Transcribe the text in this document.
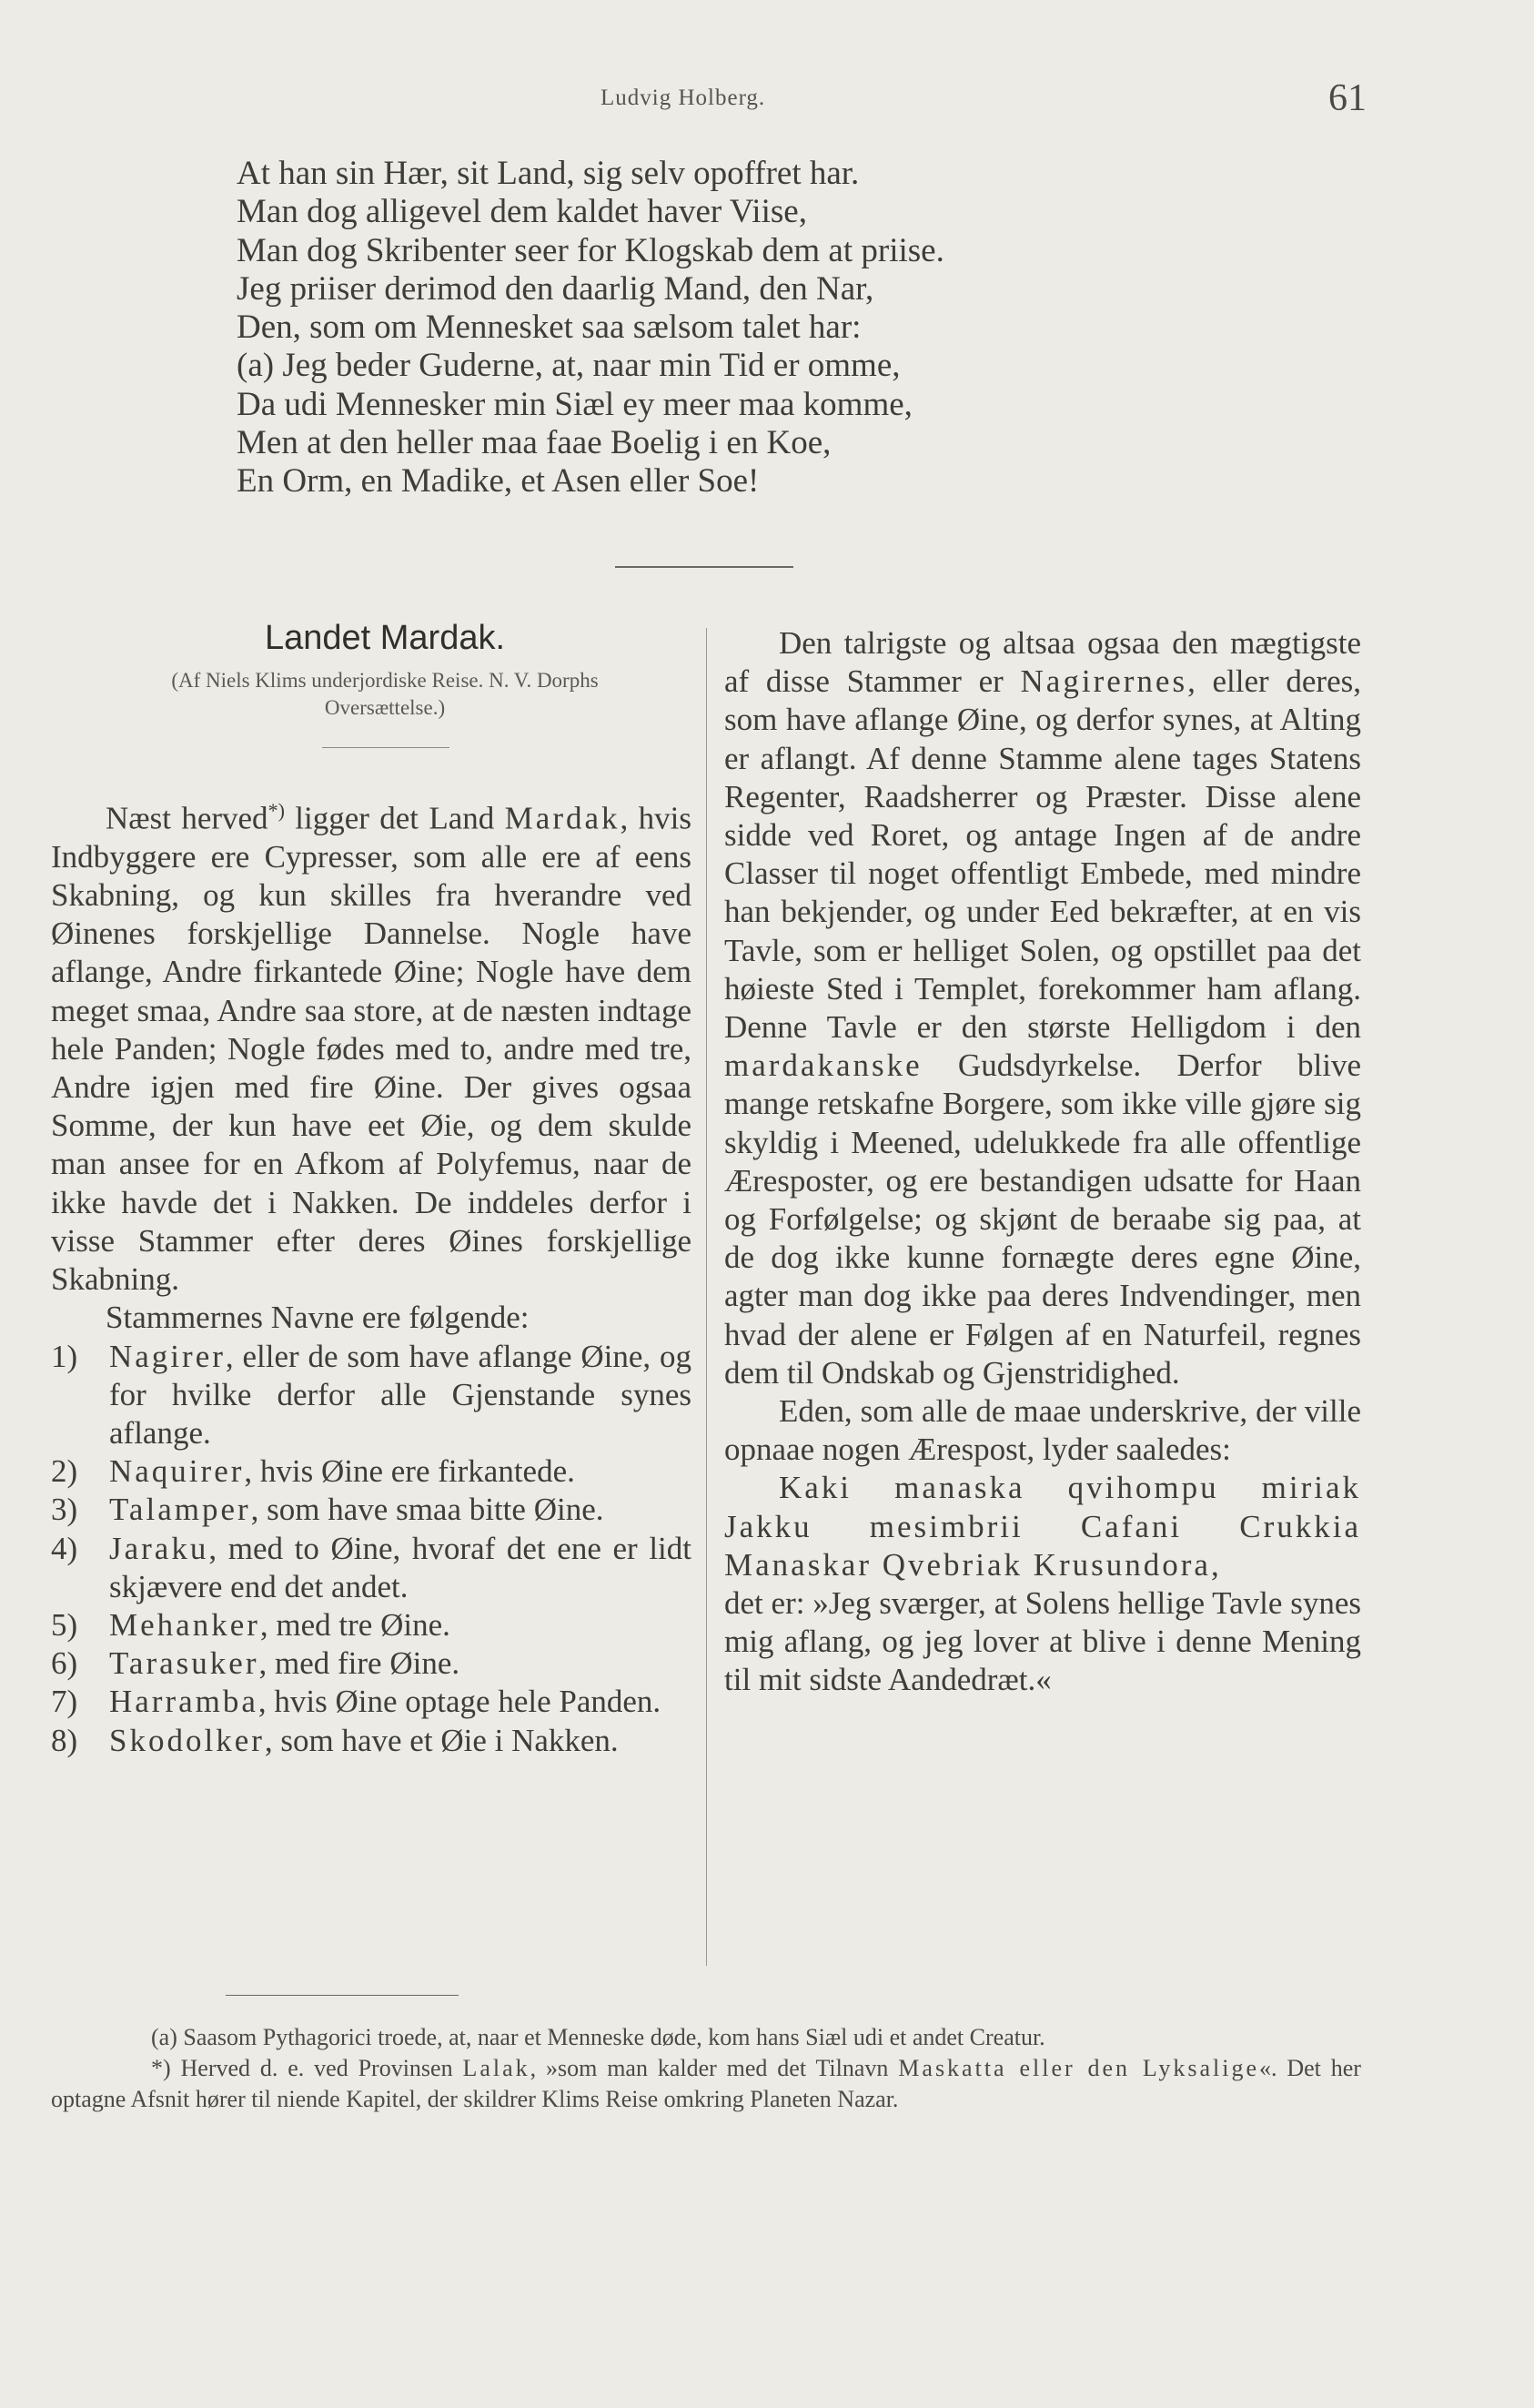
Ludvig Holberg.	61
At han sin Hær, sit Land, sig selv opoffret har.
Man dog alligevel dem kaldet haver Viise,
Man dog Skribenter seer for Klogskab dem at priise.
Jeg priiser derimod den daarlig Mand, den Nar,
Den, som om Mennesket saa sælsom talet har:
(a) Jeg beder Guderne, at, naar min Tid er omme,
Da udi Mennesker min Siæl ey meer maa komme,
Men at den heller maa faae Boelig i en Koe,
En Orm, en Madike, et Asen eller Soe!
Landet Mardak.
(Af Niels Klims underjordiske Reise. N. V. Dorphs
Oversættelse.)

Næst herved*) ligger det Land Mardak, hvis Indbyggere ere Cypresser, som alle ere af eens Skabning, og kun skilles fra hverandre ved Øinenes forskjellige Dannelse. Nogle have aflange, Andre firkantede Øine; Nogle have dem meget smaa, Andre saa store, at de næsten indtage hele Panden; Nogle fødes med to, andre med tre, Andre igjen med fire Øine. Der gives ogsaa Somme, der kun have eet Øie, og dem skulde man ansee for en Afkom af Polyfemus, naar de ikke havde det i Nakken. De inddeles derfor i visse Stammer efter deres Øines forskjellige Skabning.

Stammernes Navne ere følgende:

1) Nagirer, eller de som have aflange Øine, og for hvilke derfor alle Gjenstande synes aflange.
2) Naquirer, hvis Øine ere firkantede.
3) Talamper, som have smaa bitte Øine.
4) Jaraku, med to Øine, hvoraf det ene er lidt skjævere end det andet.
5) Mehanker, med tre Øine.
6) Tarasuker, med fire Øine.
7) Harramba, hvis Øine optage hele Panden.
8) Skodolker, som have et Øie i Nakken.

Den talrigste og altsaa ogsaa den mægtigste af disse Stammer er Nagirernes, eller deres, som have aflange Øine, og derfor synes, at Alting er aflangt. Af denne Stamme alene tages Statens Regenter, Raadsherrer og Præster. Disse alene sidde ved Roret, og antage Ingen af de andre Classer til noget offentligt Embede, med mindre han bekjender, og under Eed bekræfter, at en vis Tavle, som er helliget Solen, og opstillet paa det høieste Sted i Templet, forekommer ham aflang. Denne Tavle er den største Helligdom i den mardakanske Gudsdyrkelse. Derfor blive mange retskafne Borgere, som ikke ville gjøre sig skyldig i Meened, udelukkede fra alle offentlige Æresposter, og ere bestandigen udsatte for Haan og Forfølgelse; og skjønt de beraabe sig paa, at de dog ikke kunne fornægte deres egne Øine, agter man dog ikke paa deres Indvendinger, men hvad der alene er Følgen af en Naturfeil, regnes dem til Ondskab og Gjenstridighed.

Eden, som alle de maae underskrive, der ville opnaae nogen Ærespost, lyder saaledes:

Kaki manaska qvihompu miriak Jakku mesimbrii Cafani Crukkia Manaskar Qvebriak Krusundora,

det er: »Jeg sværger, at Solens hellige Tavle synes mig aflang, og jeg lover at blive i denne Mening til mit sidste Aandedræt.«

(a) Saasom Pythagorici troede, at, naar et Menneske døde, kom hans Siæl udi et andet Creatur.

*) Herved d. e. ved Provinsen Lalak, »som man kalder med det Tilnavn Maskatta eller den Lyksalige«. Det her optagne Afsnit hører til niende Kapitel, der skildrer Klims Reise omkring Planeten Nazar.
